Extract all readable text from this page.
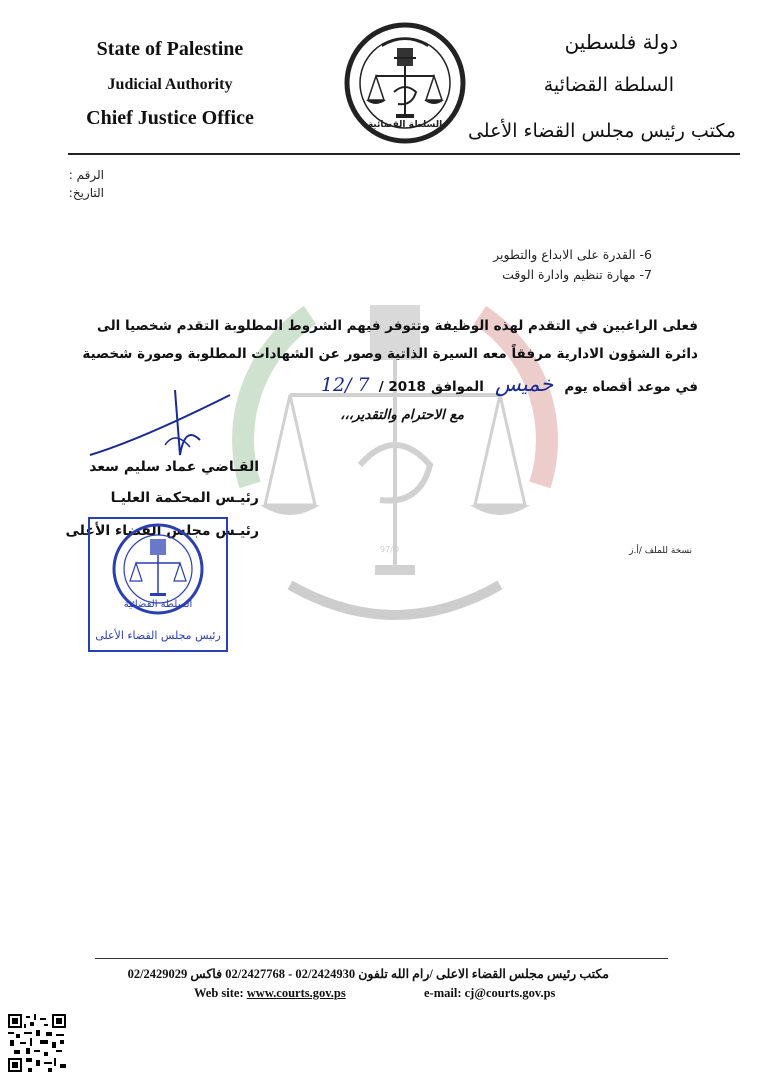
State of Palestine
Judicial Authority
Chief Justice Office
دولة فلسطين
السلطة القضائية
مكتب رئيس مجلس القضاء الأعلى
السلطة القضائية
الرقم :
التاريخ:
97/D
6- القدرة على الابداع والتطوير
7- مهارة تنظيم وادارة الوقت
فعلى الراغبين في التقدم لهذه الوظيفة وتتوفر فيهم الشروط المطلوبة التقدم شخصيا الى
دائرة الشؤون الادارية مرفقاً معه السيرة الذاتية وصور عن الشهادات المطلوبة وصورة شخصية
في موعد أقصاه يوم خميس الموافق 12/ 7 / 2018
مع الاحترام والتقدير،،،
القـاضي عماد سليم سعد
رئيـس المحكمة العليـا
رئيـس مجلس القضاء الأعلى
السلطة القضائية
رئيس مجلس القضاء الأعلى
نسخة للملف /أ.ز
مكتب رئيس مجلس القضاء الاعلى /رام الله تلفون 02/2424930 - 02/2427768 فاكس 02/2429029
Web site: www.courts.gov.ps	e-mail: cj@courts.gov.ps
